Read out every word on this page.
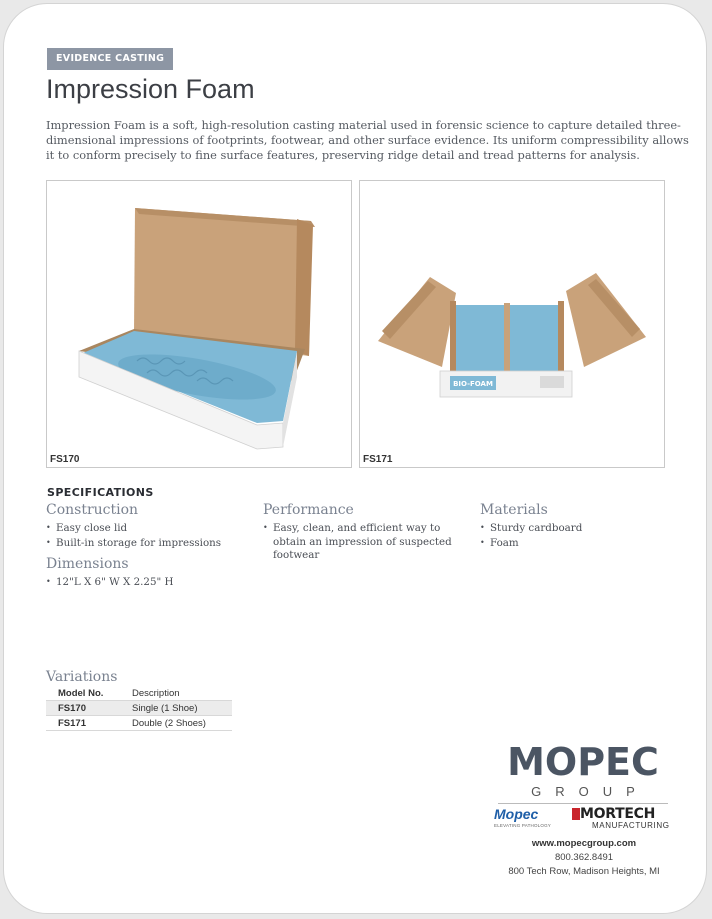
EVIDENCE CASTING
Impression Foam

Impression Foam is a soft, high-resolution casting material used in forensic science to capture detailed three-dimensional impressions of footprints, footwear, and other surface evidence. Its uniform compressibility allows it to conform precisely to fine surface features, preserving ridge detail and tread patterns for analysis.

FS170
BIO-FOAM
FS171
SPECIFICATIONS
Construction
• Easy close lid
• Built-in storage for impressions
Dimensions
• 12"L X 6" W X 2.25" H
Performance
• Easy, clean, and efficient way to obtain an impression of suspected footwear
Materials
• Sturdy cardboard
• Foam
Variations
Model No.	Description
FS170	Single (1 Shoe)
FS171	Double (2 Shoes)
MOPEC
GROUP
Mopec
ELEVATING PATHOLOGY
MORTECH
MANUFACTURING
www.mopecgroup.com
800.362.8491
800 Tech Row, Madison Heights, MI
